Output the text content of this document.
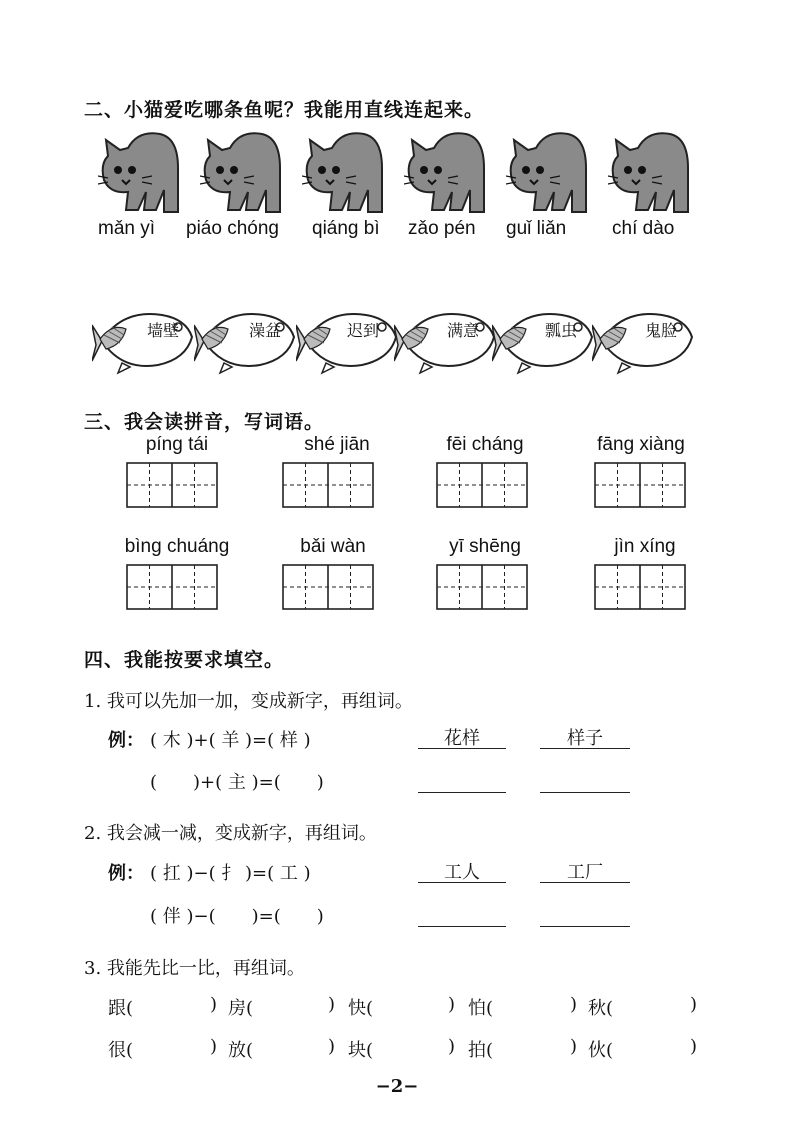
二、小猫爱吃哪条鱼呢？我能用直线连起来。
mǎn yì piáo chóng qiáng bì zǎo pén guǐ liǎn chí dào
墙壁	澡盆	迟到	满意	瓢虫	鬼脸
三、我会读拼音，写词语。
píng tái	shé jiān	fēi cháng	fāng xiàng
bìng chuáng	bǎi wàn	yī shēng	jìn xíng
四、我能按要求填空。
1. 我可以先加一加，变成新字，再组词。
例： ( 木 )+( 羊 )=( 样 )	花样	样子
(　　)+( 主 )=(　　)
2. 我会减一减，变成新字，再组词。
例： ( 扛 )−( 扌 )=( 工 )	工人	工厂
( 伴 )−(　　)=(　　)
3. 我能先比一比，再组词。
跟(	) 房(	) 快(	) 怕(	) 秋(	)
很(	) 放(	) 块(	) 拍(	) 伙(	)
−2−
